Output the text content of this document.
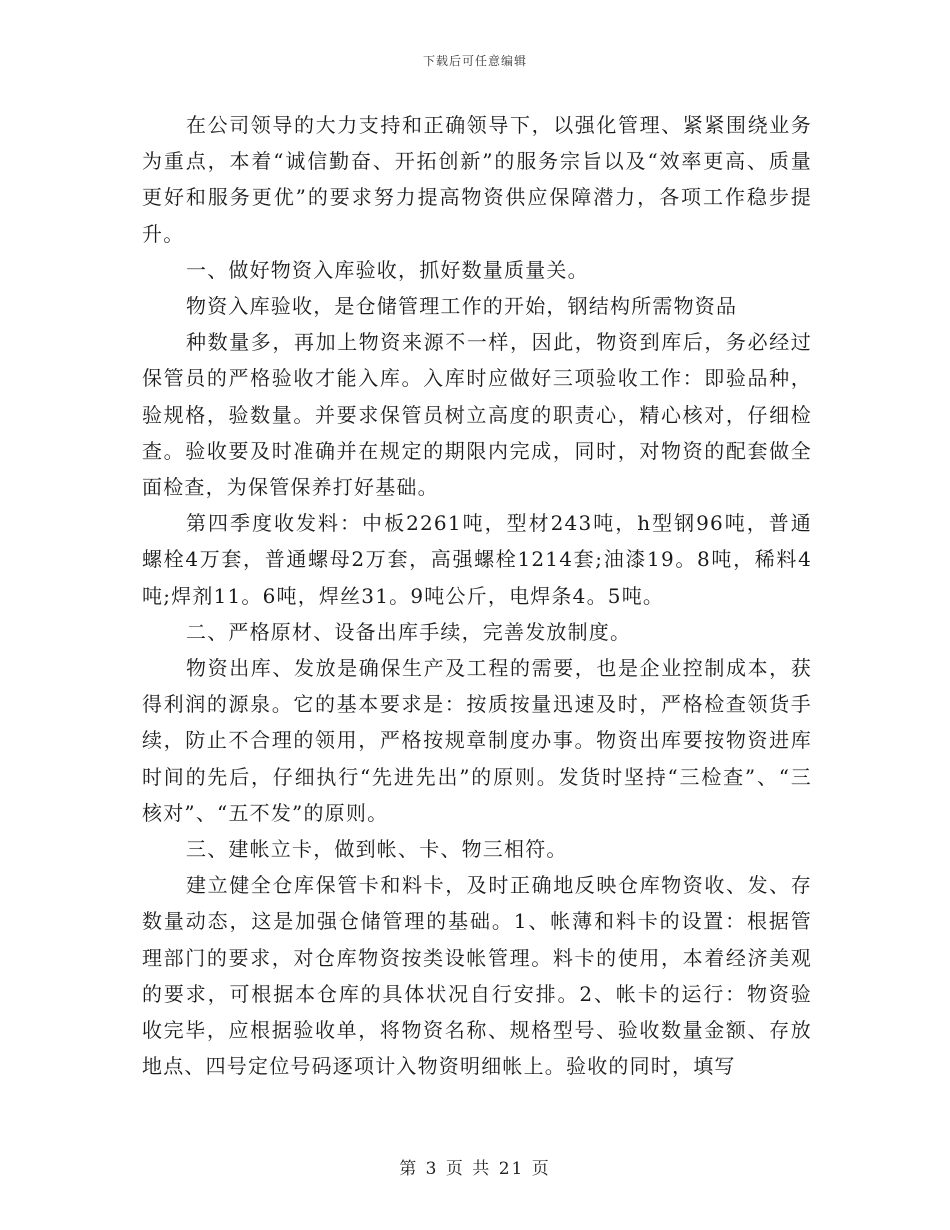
下载后可任意编辑

在公司领导的大力支持和正确领导下，以强化管理、紧紧围绕业务为重点，本着“诚信勤奋、开拓创新”的服务宗旨以及“效率更高、质量更好和服务更优”的要求努力提高物资供应保障潜力，各项工作稳步提升。

一、做好物资入库验收，抓好数量质量关。

物资入库验收，是仓储管理工作的开始，钢结构所需物资品

种数量多，再加上物资来源不一样，因此，物资到库后，务必经过保管员的严格验收才能入库。入库时应做好三项验收工作：即验品种，验规格，验数量。并要求保管员树立高度的职责心，精心核对，仔细检查。验收要及时准确并在规定的期限内完成，同时，对物资的配套做全面检查，为保管保养打好基础。

第四季度收发料：中板2261吨，型材243吨，h型钢96吨，普通螺栓4万套，普通螺母2万套，高强螺栓1214套;油漆19。8吨，稀料4吨;焊剂11。6吨，焊丝31。9吨公斤，电焊条4。5吨。

二、严格原材、设备出库手续，完善发放制度。

物资出库、发放是确保生产及工程的需要，也是企业控制成本，获得利润的源泉。它的基本要求是：按质按量迅速及时，严格检查领货手续，防止不合理的领用，严格按规章制度办事。物资出库要按物资进库时间的先后，仔细执行“先进先出”的原则。发货时坚持“三检查”、“三核对”、“五不发”的原则。

三、建帐立卡，做到帐、卡、物三相符。

建立健全仓库保管卡和料卡，及时正确地反映仓库物资收、发、存数量动态，这是加强仓储管理的基础。1、帐薄和料卡的设置：根据管理部门的要求，对仓库物资按类设帐管理。料卡的使用，本着经济美观的要求，可根据本仓库的具体状况自行安排。2、帐卡的运行：物资验收完毕，应根据验收单，将物资名称、规格型号、验收数量金额、存放地点、四号定位号码逐项计入物资明细帐上。验收的同时，填写

第 3 页 共 21 页
